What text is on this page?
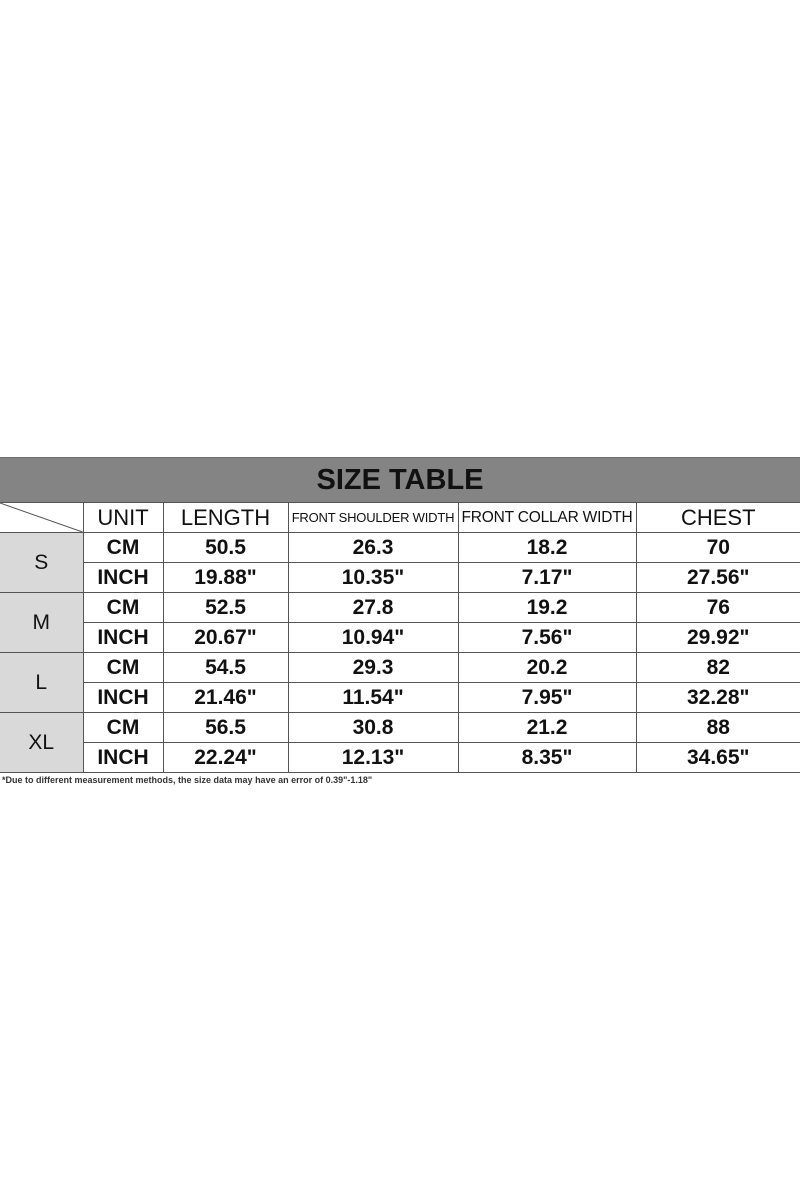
SIZE TABLE
	UNIT	LENGTH	FRONT SHOULDER WIDTH	FRONT COLLAR WIDTH	CHEST
S	CM	50.5	26.3	18.2	70
	INCH	19.88"	10.35"	7.17"	27.56"
M	CM	52.5	27.8	19.2	76
	INCH	20.67"	10.94"	7.56"	29.92"
L	CM	54.5	29.3	20.2	82
	INCH	21.46"	11.54"	7.95"	32.28"
XL	CM	56.5	30.8	21.2	88
	INCH	22.24"	12.13"	8.35"	34.65"
*Due to different measurement methods, the size data may have an error of 0.39"-1.18"
